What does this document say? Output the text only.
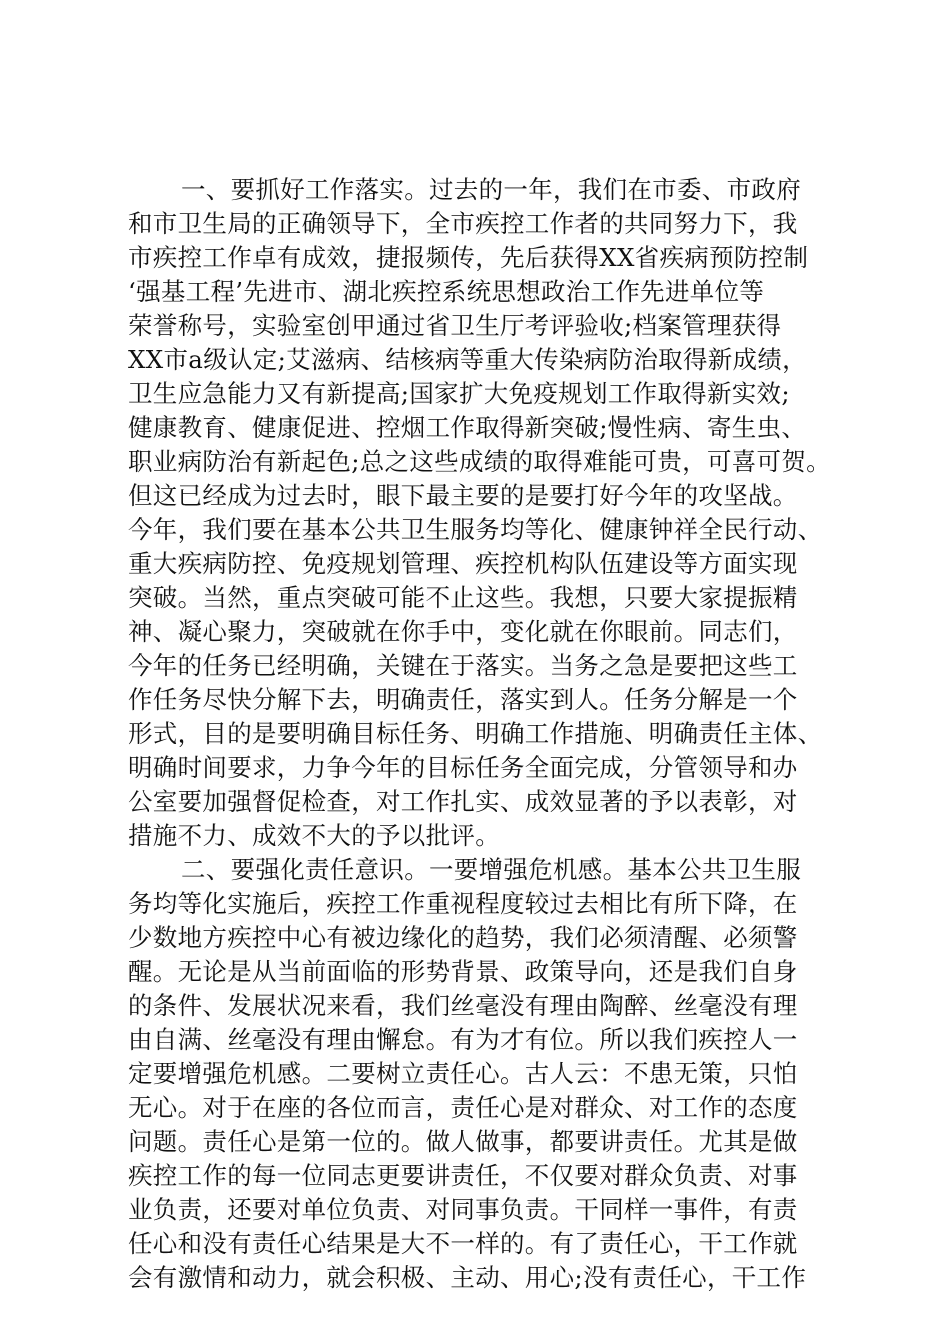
一、要抓好工作落实。过去的一年，我们在市委、市政府
和市卫生局的正确领导下，全市疾控工作者的共同努力下，我
市疾控工作卓有成效，捷报频传，先后获得XX省疾病预防控制
‘强基工程’先进市、湖北疾控系统思想政治工作先进单位等
荣誉称号，实验室创甲通过省卫生厅考评验收;档案管理获得
XX市a级认定;艾滋病、结核病等重大传染病防治取得新成绩，
卫生应急能力又有新提高;国家扩大免疫规划工作取得新实效;
健康教育、健康促进、控烟工作取得新突破;慢性病、寄生虫、
职业病防治有新起色;总之这些成绩的取得难能可贵，可喜可贺。
但这已经成为过去时，眼下最主要的是要打好今年的攻坚战。
今年，我们要在基本公共卫生服务均等化、健康钟祥全民行动、
重大疾病防控、免疫规划管理、疾控机构队伍建设等方面实现
突破。当然，重点突破可能不止这些。我想，只要大家提振精
神、凝心聚力，突破就在你手中，变化就在你眼前。同志们，
今年的任务已经明确，关键在于落实。当务之急是要把这些工
作任务尽快分解下去，明确责任，落实到人。任务分解是一个
形式，目的是要明确目标任务、明确工作措施、明确责任主体、
明确时间要求，力争今年的目标任务全面完成，分管领导和办
公室要加强督促检查，对工作扎实、成效显著的予以表彰，对
措施不力、成效不大的予以批评。
二、要强化责任意识。一要增强危机感。基本公共卫生服
务均等化实施后，疾控工作重视程度较过去相比有所下降，在
少数地方疾控中心有被边缘化的趋势，我们必须清醒、必须警
醒。无论是从当前面临的形势背景、政策导向，还是我们自身
的条件、发展状况来看，我们丝毫没有理由陶醉、丝毫没有理
由自满、丝毫没有理由懈怠。有为才有位。所以我们疾控人一
定要增强危机感。二要树立责任心。古人云：不患无策，只怕
无心。对于在座的各位而言，责任心是对群众、对工作的态度
问题。责任心是第一位的。做人做事，都要讲责任。尤其是做
疾控工作的每一位同志更要讲责任，不仅要对群众负责、对事
业负责，还要对单位负责、对同事负责。干同样一事件，有责
任心和没有责任心结果是大不一样的。有了责任心，干工作就
会有激情和动力，就会积极、主动、用心;没有责任心，干工作
